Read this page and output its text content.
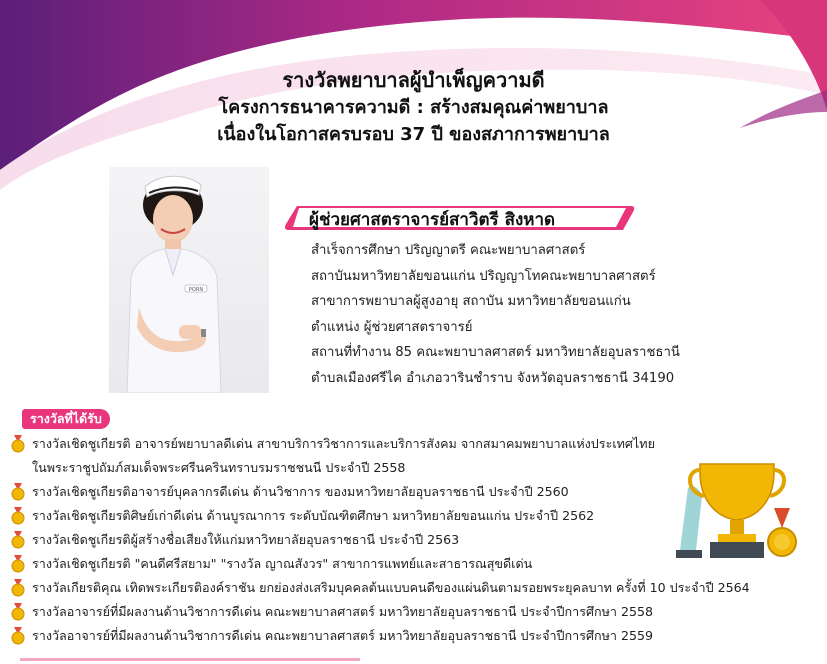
รางวัลพยาบาลผู้บำเพ็ญความดี
โครงการธนาคารความดี : สร้างสมคุณค่าพยาบาล
เนื่องในโอกาสครบรอบ 37 ปี ของสภาการพยาบาล
PORN
ผู้ช่วยศาสตราจารย์สาวิตรี สิงหาด
สำเร็จการศึกษา ปริญญาตรี คณะพยาบาลศาสตร์
สถาบันมหาวิทยาลัยขอนแก่น ปริญญาโทคณะพยาบาลศาสตร์
สาขาการพยาบาลผู้สูงอายุ สถาบัน มหาวิทยาลัยขอนแก่น
ตำแหน่ง ผู้ช่วยศาสตราจารย์
สถานที่ทำงาน 85 คณะพยาบาลศาสตร์ มหาวิทยาลัยอุบลราชธานี
ตำบลเมืองศรีไค อำเภอวารินชำราบ จังหวัดอุบลราชธานี 34190
รางวัลที่ได้รับ
รางวัลเชิดชูเกียรติ อาจารย์พยาบาลดีเด่น สาขาบริการวิชาการและบริการสังคม จากสมาคมพยาบาลแห่งประเทศไทย
ในพระราชูปถัมภ์สมเด็จพระศรีนครินทราบรมราชชนนี ประจำปี 2558
รางวัลเชิดชูเกียรติอาจารย์บุคลากรดีเด่น ด้านวิชาการ ของมหาวิทยาลัยอุบลราชธานี ประจำปี 2560
รางวัลเชิดชูเกียรติศิษย์เก่าดีเด่น ด้านบูรณาการ ระดับบัณฑิตศึกษา มหาวิทยาลัยขอนแก่น ประจำปี 2562
รางวัลเชิดชูเกียรติผู้สร้างชื่อเสียงให้แก่มหาวิทยาลัยอุบลราชธานี ประจำปี 2563
รางวัลเชิดชูเกียรติ "คนดีศรีสยาม" "รางวัล ญาณสังวร" สาขาการแพทย์และสาธารณสุขดีเด่น
รางวัลเกียรติคุณ เทิดพระเกียรติองค์ราชัน ยกย่องส่งเสริมบุคคลต้นแบบคนดีของแผ่นดินตามรอยพระยุคลบาท ครั้งที่ 10 ประจำปี 2564
รางวัลอาจารย์ที่มีผลงานด้านวิชาการดีเด่น คณะพยาบาลศาสตร์ มหาวิทยาลัยอุบลราชธานี ประจำปีการศึกษา 2558
รางวัลอาจารย์ที่มีผลงานด้านวิชาการดีเด่น คณะพยาบาลศาสตร์ มหาวิทยาลัยอุบลราชธานี ประจำปีการศึกษา 2559
